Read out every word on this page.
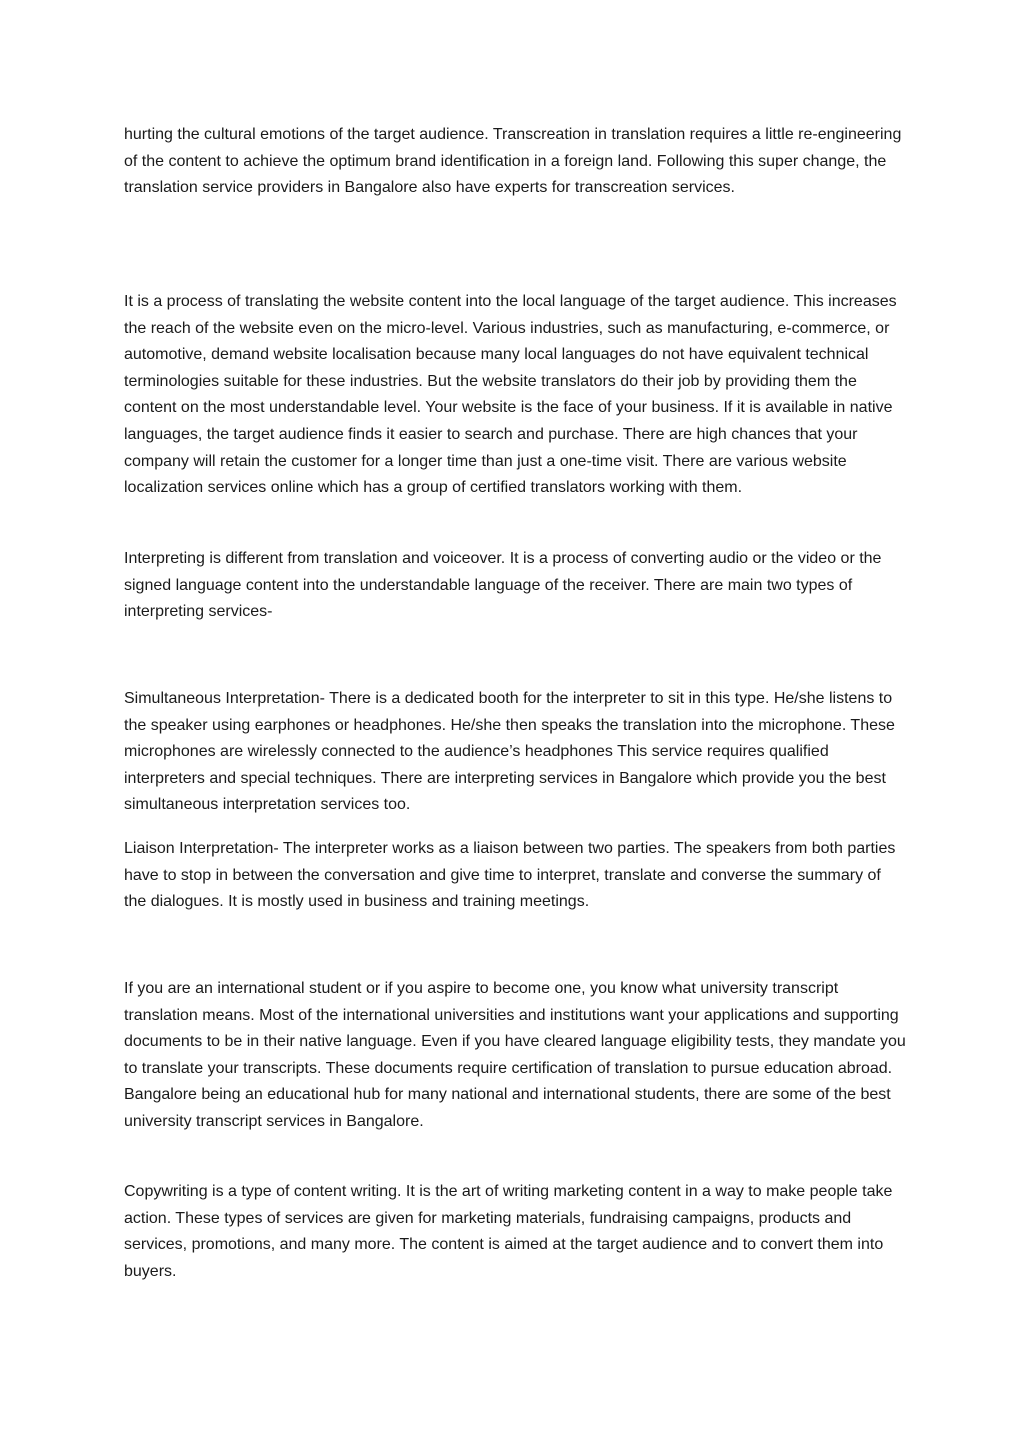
hurting the cultural emotions of the target audience. Transcreation in translation requires a little re-engineering of the content to achieve the optimum brand identification in a foreign land. Following this super change, the translation service providers in Bangalore also have experts for transcreation services.

It is a process of translating the website content into the local language of the target audience. This increases the reach of the website even on the micro-level. Various industries, such as manufacturing, e-commerce, or automotive, demand website localisation because many local languages do not have equivalent technical terminologies suitable for these industries. But the website translators do their job by providing them the content on the most understandable level. Your website is the face of your business. If it is available in native languages, the target audience finds it easier to search and purchase. There are high chances that your company will retain the customer for a longer time than just a one-time visit. There are various website localization services online which has a group of certified translators working with them.

Interpreting is different from translation and voiceover. It is a process of converting audio or the video or the signed language content into the understandable language of the receiver. There are main two types of interpreting services-

Simultaneous Interpretation- There is a dedicated booth for the interpreter to sit in this type. He/she listens to the speaker using earphones or headphones. He/she then speaks the translation into the microphone. These microphones are wirelessly connected to the audience’s headphones This service requires qualified interpreters and special techniques. There are interpreting services in Bangalore which provide you the best simultaneous interpretation services too.

Liaison Interpretation- The interpreter works as a liaison between two parties. The speakers from both parties have to stop in between the conversation and give time to interpret, translate and converse the summary of the dialogues. It is mostly used in business and training meetings.

If you are an international student or if you aspire to become one, you know what university transcript translation means. Most of the international universities and institutions want your applications and supporting documents to be in their native language. Even if you have cleared language eligibility tests, they mandate you to translate your transcripts. These documents require certification of translation to pursue education abroad. Bangalore being an educational hub for many national and international students, there are some of the best university transcript services in Bangalore.

Copywriting is a type of content writing. It is the art of writing marketing content in a way to make people take action. These types of services are given for marketing materials, fundraising campaigns, products and services, promotions, and many more. The content is aimed at the target audience and to convert them into buyers.
